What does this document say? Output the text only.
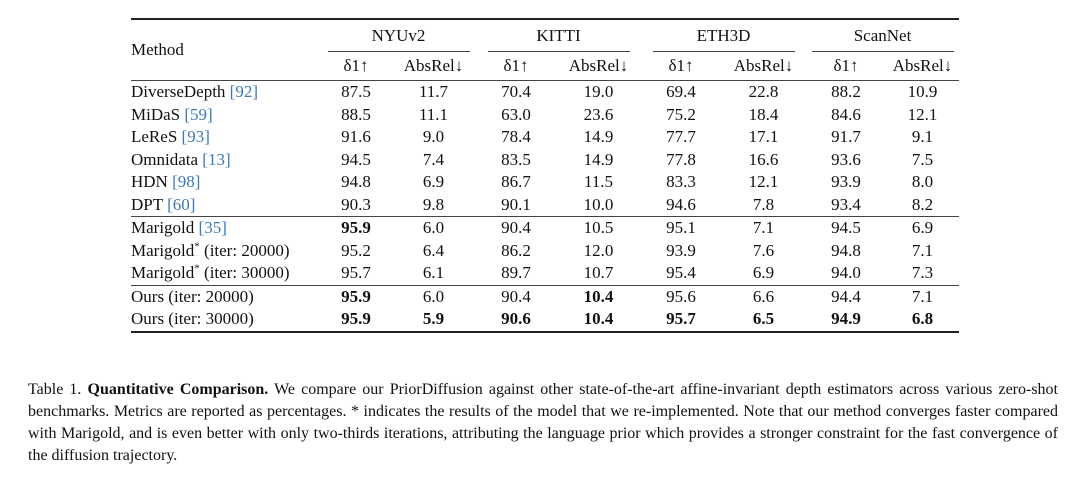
Method	NYUv2		KITTI		ETH3D		ScanNet	
	δ1↑	AbsRel↓	δ1↑	AbsRel↓	δ1↑	AbsRel↓	δ1↑	AbsRel↓
DiverseDepth [92]	87.5	11.7	70.4	19.0	69.4	22.8	88.2	10.9
MiDaS [59]	88.5	11.1	63.0	23.6	75.2	18.4	84.6	12.1
LeReS [93]	91.6	9.0	78.4	14.9	77.7	17.1	91.7	9.1
Omnidata [13]	94.5	7.4	83.5	14.9	77.8	16.6	93.6	7.5
HDN [98]	94.8	6.9	86.7	11.5	83.3	12.1	93.9	8.0
DPT [60]	90.3	9.8	90.1	10.0	94.6	7.8	93.4	8.2
Marigold [35]	95.9	6.0	90.4	10.5	95.1	7.1	94.5	6.9
Marigold* (iter: 20000)	95.2	6.4	86.2	12.0	93.9	7.6	94.8	7.1
Marigold* (iter: 30000)	95.7	6.1	89.7	10.7	95.4	6.9	94.0	7.3
Ours (iter: 20000)	95.9	6.0	90.4	10.4	95.6	6.6	94.4	7.1
Ours (iter: 30000)	95.9	5.9	90.6	10.4	95.7	6.5	94.9	6.8

Table 1. Quantitative Comparison. We compare our PriorDiffusion against other state-of-the-art affine-invariant depth estimators across various zero-shot benchmarks. Metrics are reported as percentages. * indicates the results of the model that we re-implemented. Note that our method converges faster compared with Marigold, and is even better with only two-thirds iterations, attributing the language prior which provides a stronger constraint for the fast convergence of the diffusion trajectory.
